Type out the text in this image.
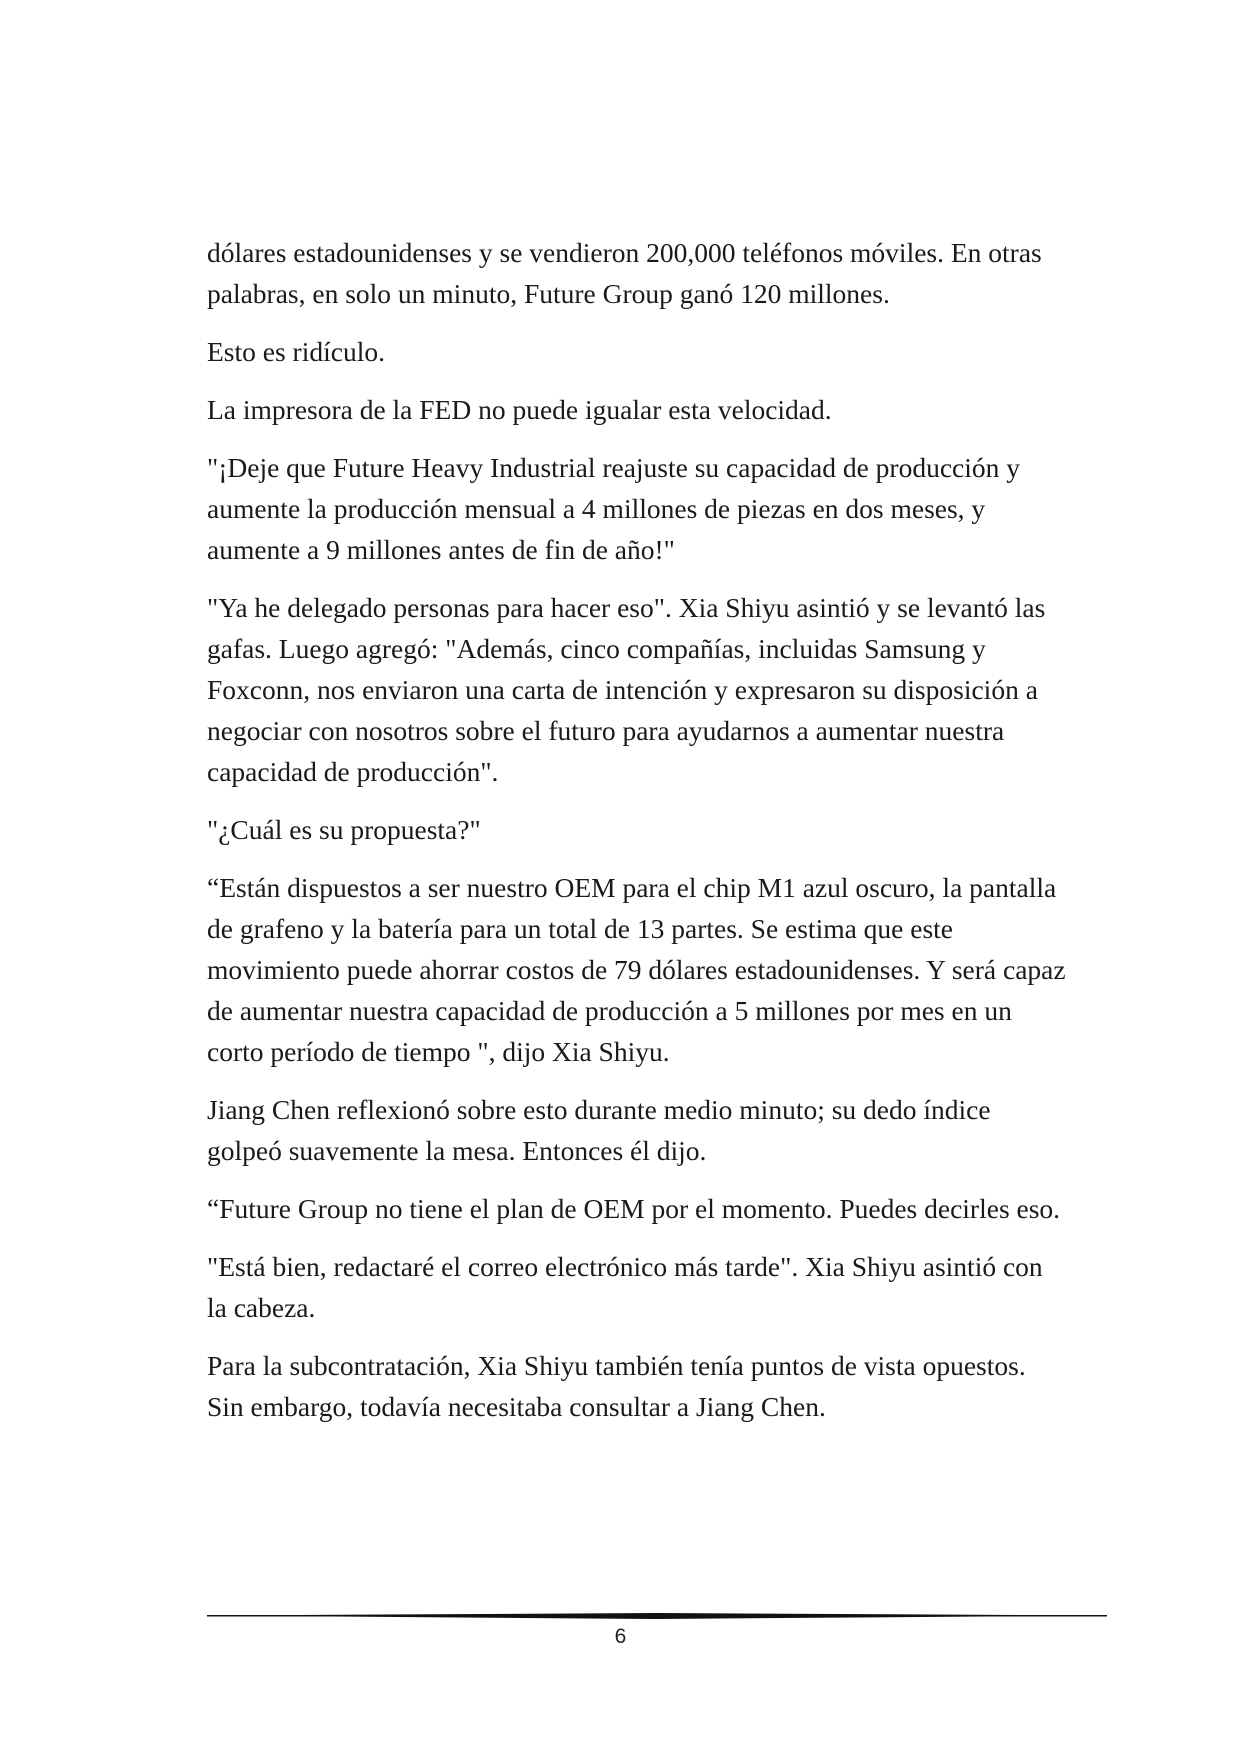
dólares estadounidenses y se vendieron 200,000 teléfonos móviles. En otras palabras, en solo un minuto, Future Group ganó 120 millones.

Esto es ridículo.

La impresora de la FED no puede igualar esta velocidad.

"¡Deje que Future Heavy Industrial reajuste su capacidad de producción y aumente la producción mensual a 4 millones de piezas en dos meses, y aumente a 9 millones antes de fin de año!"

"Ya he delegado personas para hacer eso". Xia Shiyu asintió y se levantó las gafas. Luego agregó: "Además, cinco compañías, incluidas Samsung y Foxconn, nos enviaron una carta de intención y expresaron su disposición a negociar con nosotros sobre el futuro para ayudarnos a aumentar nuestra capacidad de producción".

"¿Cuál es su propuesta?"

“Están dispuestos a ser nuestro OEM para el chip M1 azul oscuro, la pantalla de grafeno y la batería para un total de 13 partes. Se estima que este movimiento puede ahorrar costos de 79 dólares estadounidenses. Y será capaz de aumentar nuestra capacidad de producción a 5 millones por mes en un corto período de tiempo ", dijo Xia Shiyu.

Jiang Chen reflexionó sobre esto durante medio minuto; su dedo índice golpeó suavemente la mesa. Entonces él dijo.

“Future Group no tiene el plan de OEM por el momento. Puedes decirles eso.

"Está bien, redactaré el correo electrónico más tarde". Xia Shiyu asintió con la cabeza.

Para la subcontratación, Xia Shiyu también tenía puntos de vista opuestos. Sin embargo, todavía necesitaba consultar a Jiang Chen.

6
